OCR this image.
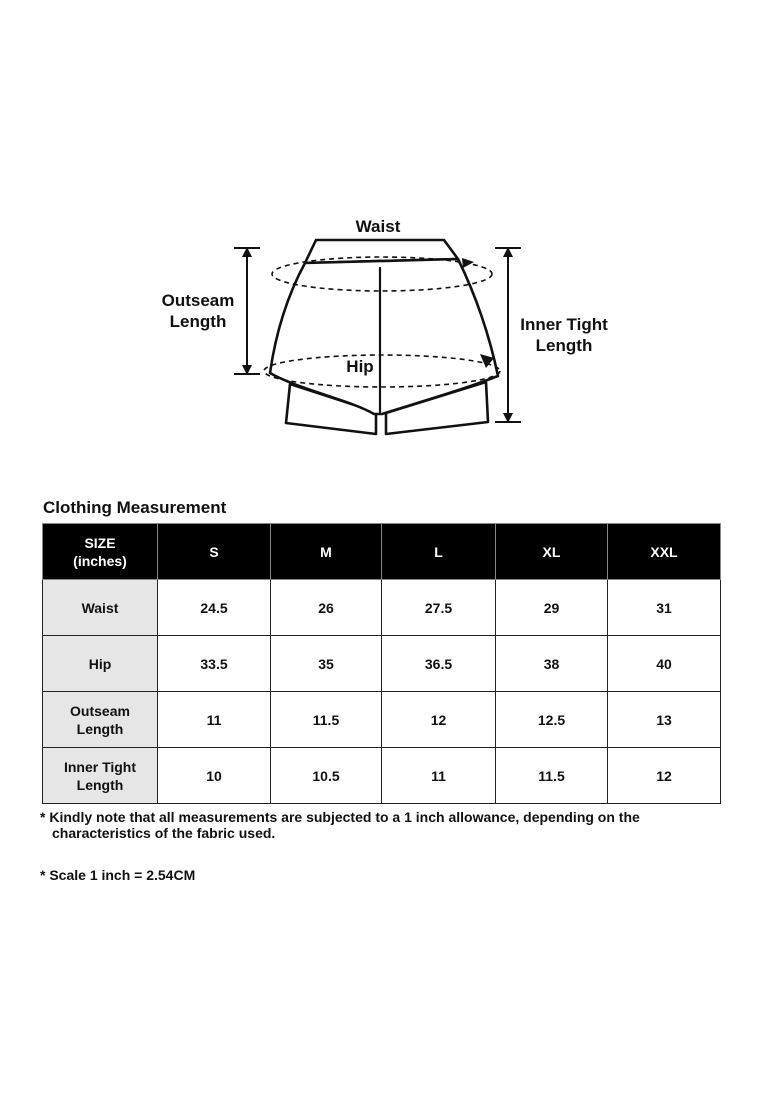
Waist
Outseam
Length	Inner Tight
Length
Hip
Clothing Measurement
SIZE
(inches)	S	M	L	XL	XXL

Waist	24.5	26	27.5	29	31

Hip	33.5	35	36.5	38	40

Outseam
Length	11	11.5	12	12.5	13

Inner Tight
Length	10	10.5	11	11.5	12
* Kindly note that all measurements are subjected to a 1 inch allowance, depending on the
characteristics of the fabric used.
* Scale 1 inch = 2.54CM
